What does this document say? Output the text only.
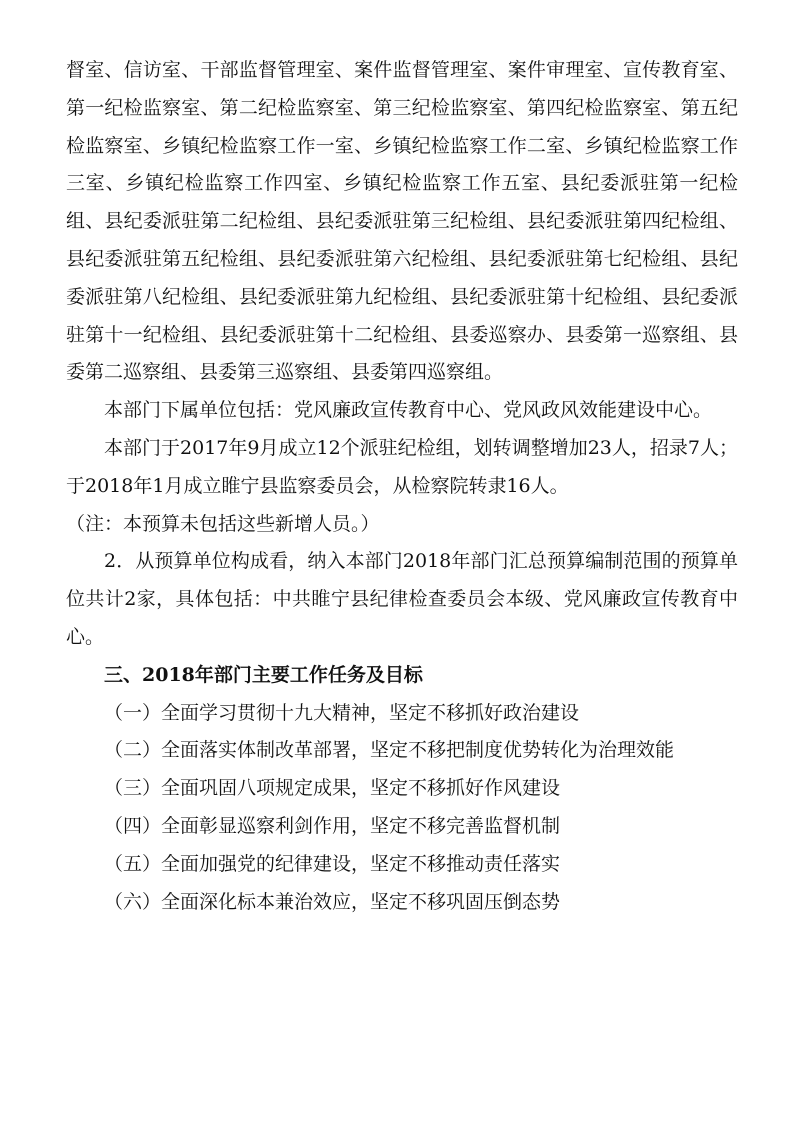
督室、信访室、干部监督管理室、案件监督管理室、案件审理室、宣传教育室、第一纪检监察室、第二纪检监察室、第三纪检监察室、第四纪检监察室、第五纪检监察室、乡镇纪检监察工作一室、乡镇纪检监察工作二室、乡镇纪检监察工作三室、乡镇纪检监察工作四室、乡镇纪检监察工作五室、县纪委派驻第一纪检组、县纪委派驻第二纪检组、县纪委派驻第三纪检组、县纪委派驻第四纪检组、县纪委派驻第五纪检组、县纪委派驻第六纪检组、县纪委派驻第七纪检组、县纪委派驻第八纪检组、县纪委派驻第九纪检组、县纪委派驻第十纪检组、县纪委派驻第十一纪检组、县纪委派驻第十二纪检组、县委巡察办、县委第一巡察组、县委第二巡察组、县委第三巡察组、县委第四巡察组。

本部门下属单位包括：党风廉政宣传教育中心、党风政风效能建设中心。

本部门于2017年9月成立12个派驻纪检组，划转调整增加23人，招录7人；于2018年1月成立睢宁县监察委员会，从检察院转隶16人。

（注：本预算未包括这些新增人员。）

2．从预算单位构成看，纳入本部门2018年部门汇总预算编制范围的预算单位共计2家，具体包括：中共睢宁县纪律检查委员会本级、党风廉政宣传教育中心。

三、2018年部门主要工作任务及目标

（一）全面学习贯彻十九大精神，坚定不移抓好政治建设

（二）全面落实体制改革部署，坚定不移把制度优势转化为治理效能

（三）全面巩固八项规定成果，坚定不移抓好作风建设

（四）全面彰显巡察利剑作用，坚定不移完善监督机制

（五）全面加强党的纪律建设，坚定不移推动责任落实

（六）全面深化标本兼治效应，坚定不移巩固压倒态势
